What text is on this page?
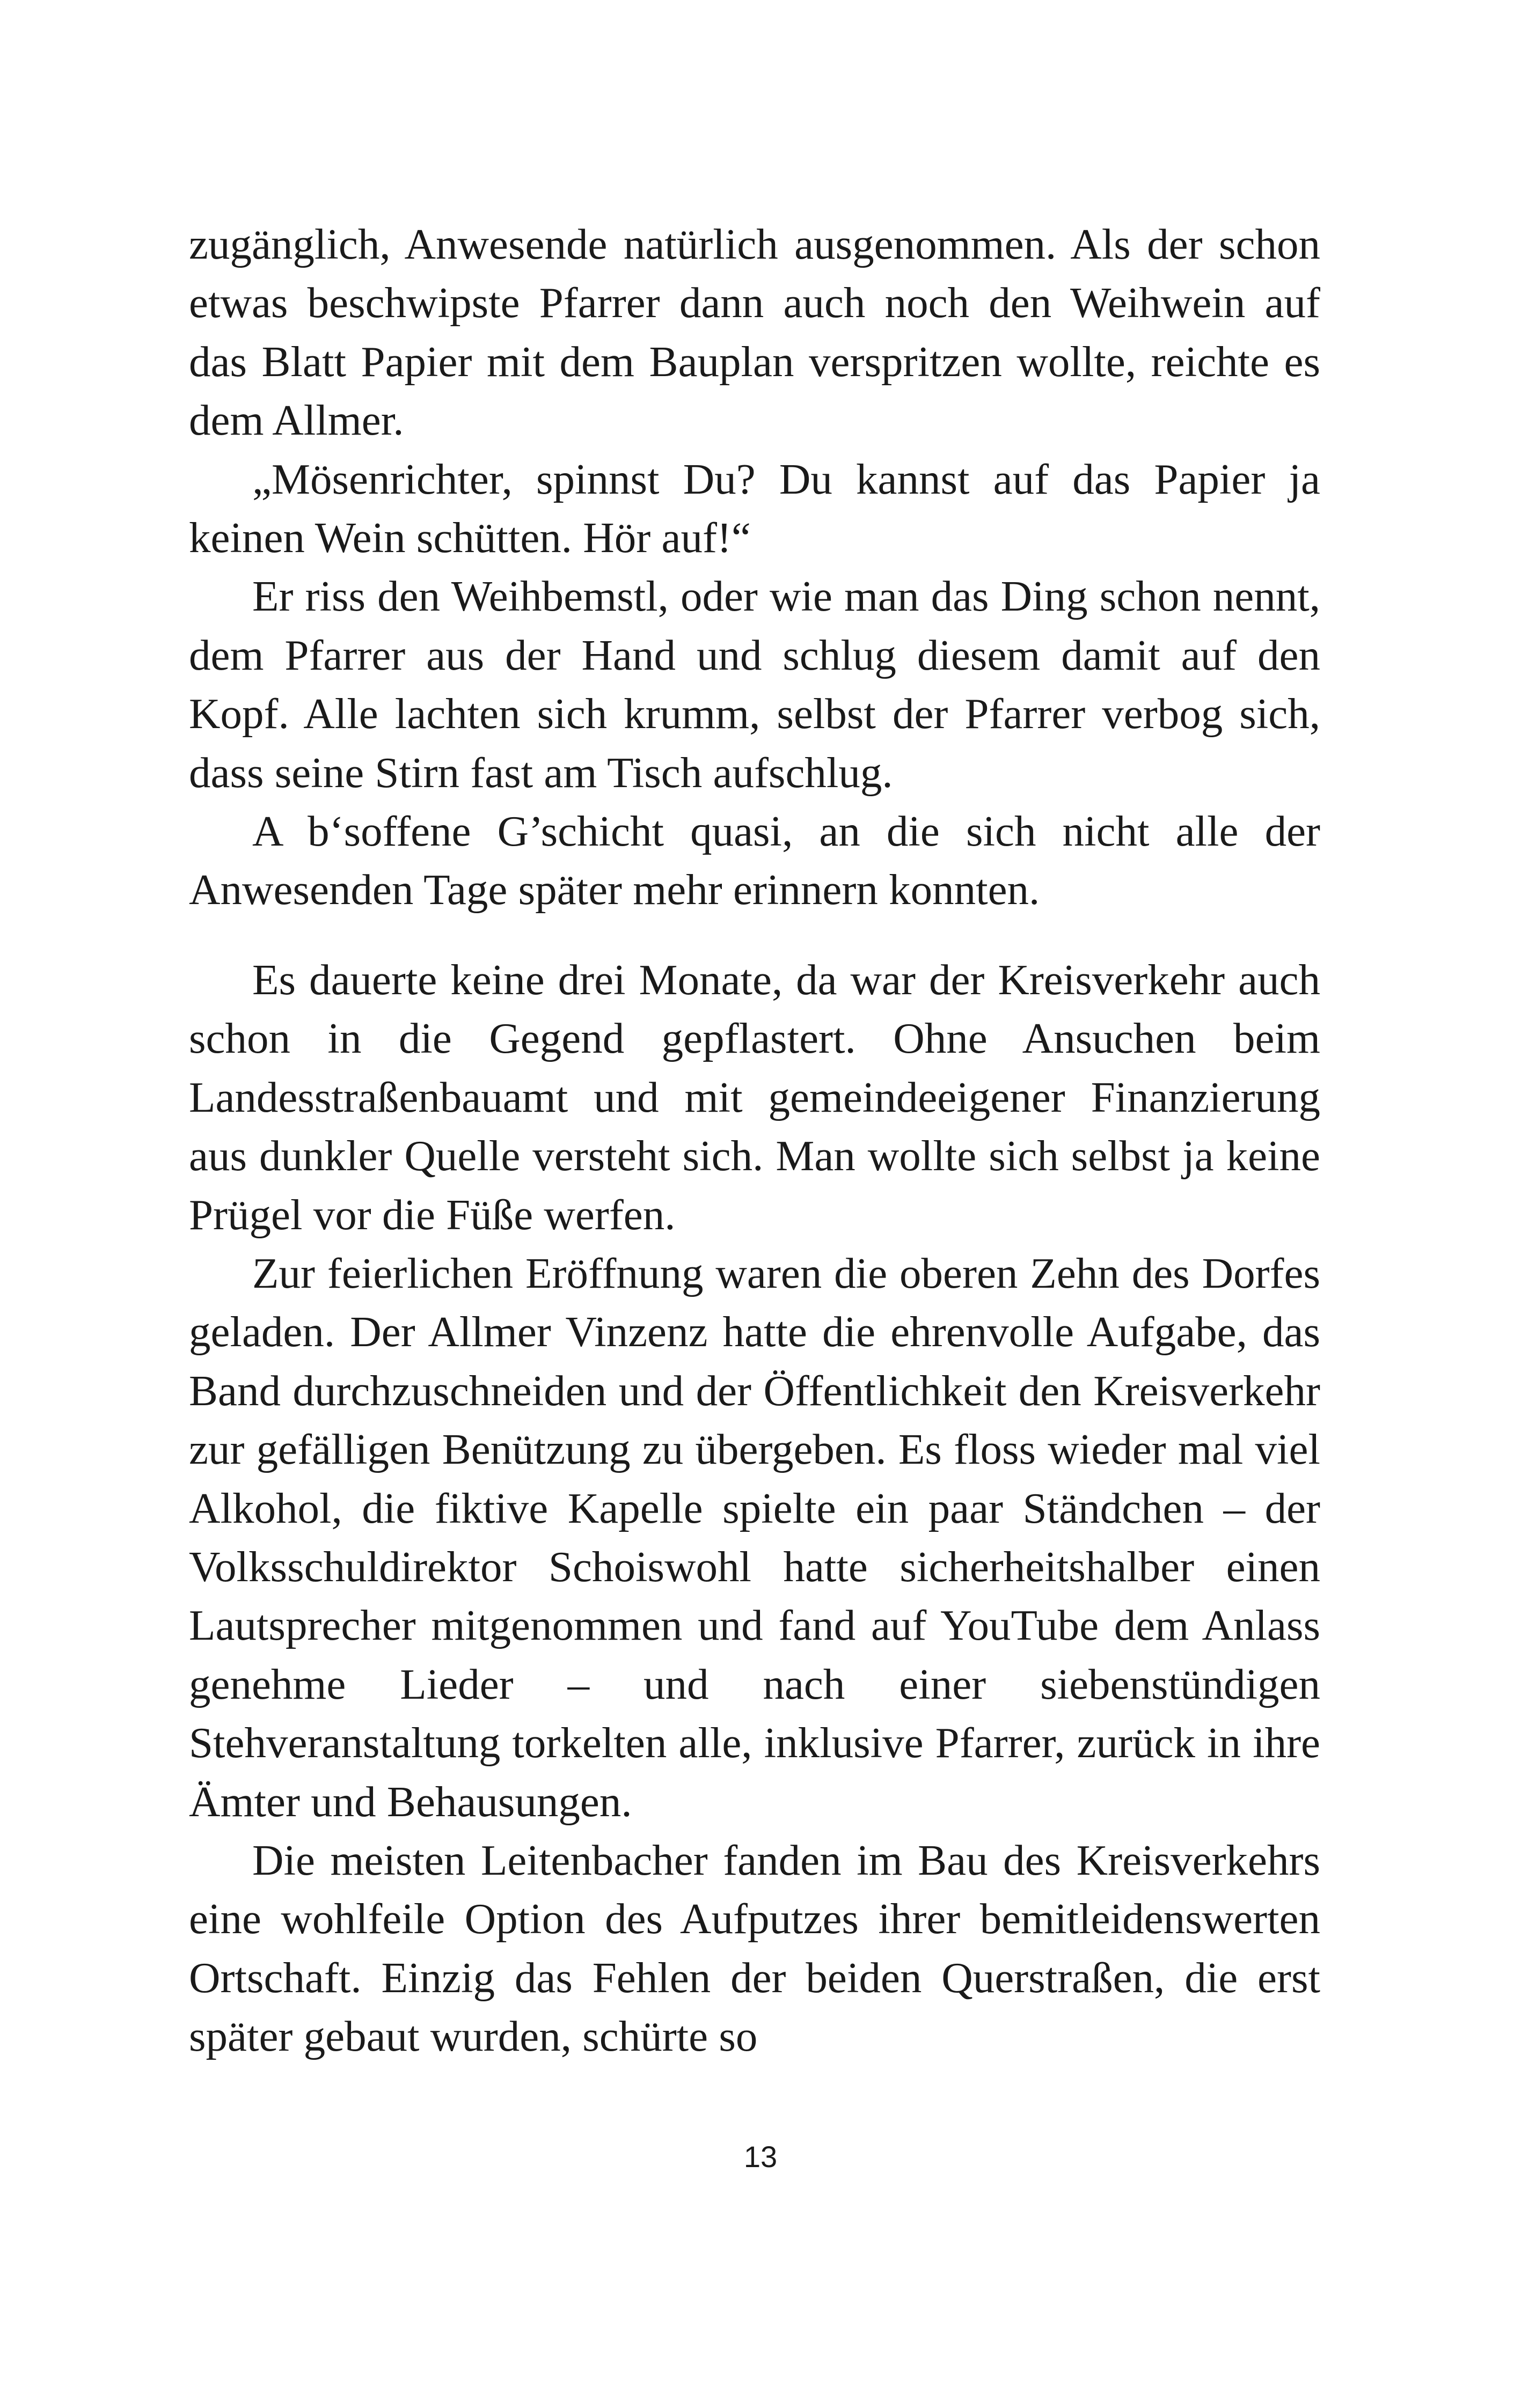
zugänglich, Anwesende natürlich ausgenommen. Als der schon etwas beschwipste Pfarrer dann auch noch den Weihwein auf das Blatt Papier mit dem Bauplan verspritzen wollte, reichte es dem Allmer.

„Mösenrichter, spinnst Du? Du kannst auf das Papier ja keinen Wein schütten. Hör auf!“

Er riss den Weihbemstl, oder wie man das Ding schon nennt, dem Pfarrer aus der Hand und schlug diesem damit auf den Kopf. Alle lachten sich krumm, selbst der Pfarrer verbog sich, dass seine Stirn fast am Tisch aufschlug.

A b‘soffene G’schicht quasi, an die sich nicht alle der Anwesenden Tage später mehr erinnern konnten.

Es dauerte keine drei Monate, da war der Kreisverkehr auch schon in die Gegend gepflastert. Ohne Ansuchen beim Landesstraßenbauamt und mit gemeindeeigener Finanzierung aus dunkler Quelle versteht sich. Man wollte sich selbst ja keine Prügel vor die Füße werfen.

Zur feierlichen Eröffnung waren die oberen Zehn des Dorfes geladen. Der Allmer Vinzenz hatte die ehrenvolle Aufgabe, das Band durchzuschneiden und der Öffentlichkeit den Kreisverkehr zur gefälligen Benützung zu übergeben. Es floss wieder mal viel Alkohol, die fiktive Kapelle spielte ein paar Ständchen – der Volksschuldirektor Schoiswohl hatte sicherheitshalber einen Lautsprecher mitgenommen und fand auf YouTube dem Anlass genehme Lieder – und nach einer siebenstündigen Stehveranstaltung torkelten alle, inklusive Pfarrer, zurück in ihre Ämter und Behausungen.

Die meisten Leitenbacher fanden im Bau des Kreisverkehrs eine wohlfeile Option des Aufputzes ihrer bemitleidenswerten Ortschaft. Einzig das Fehlen der beiden Querstraßen, die erst später gebaut wurden, schürte so

13
